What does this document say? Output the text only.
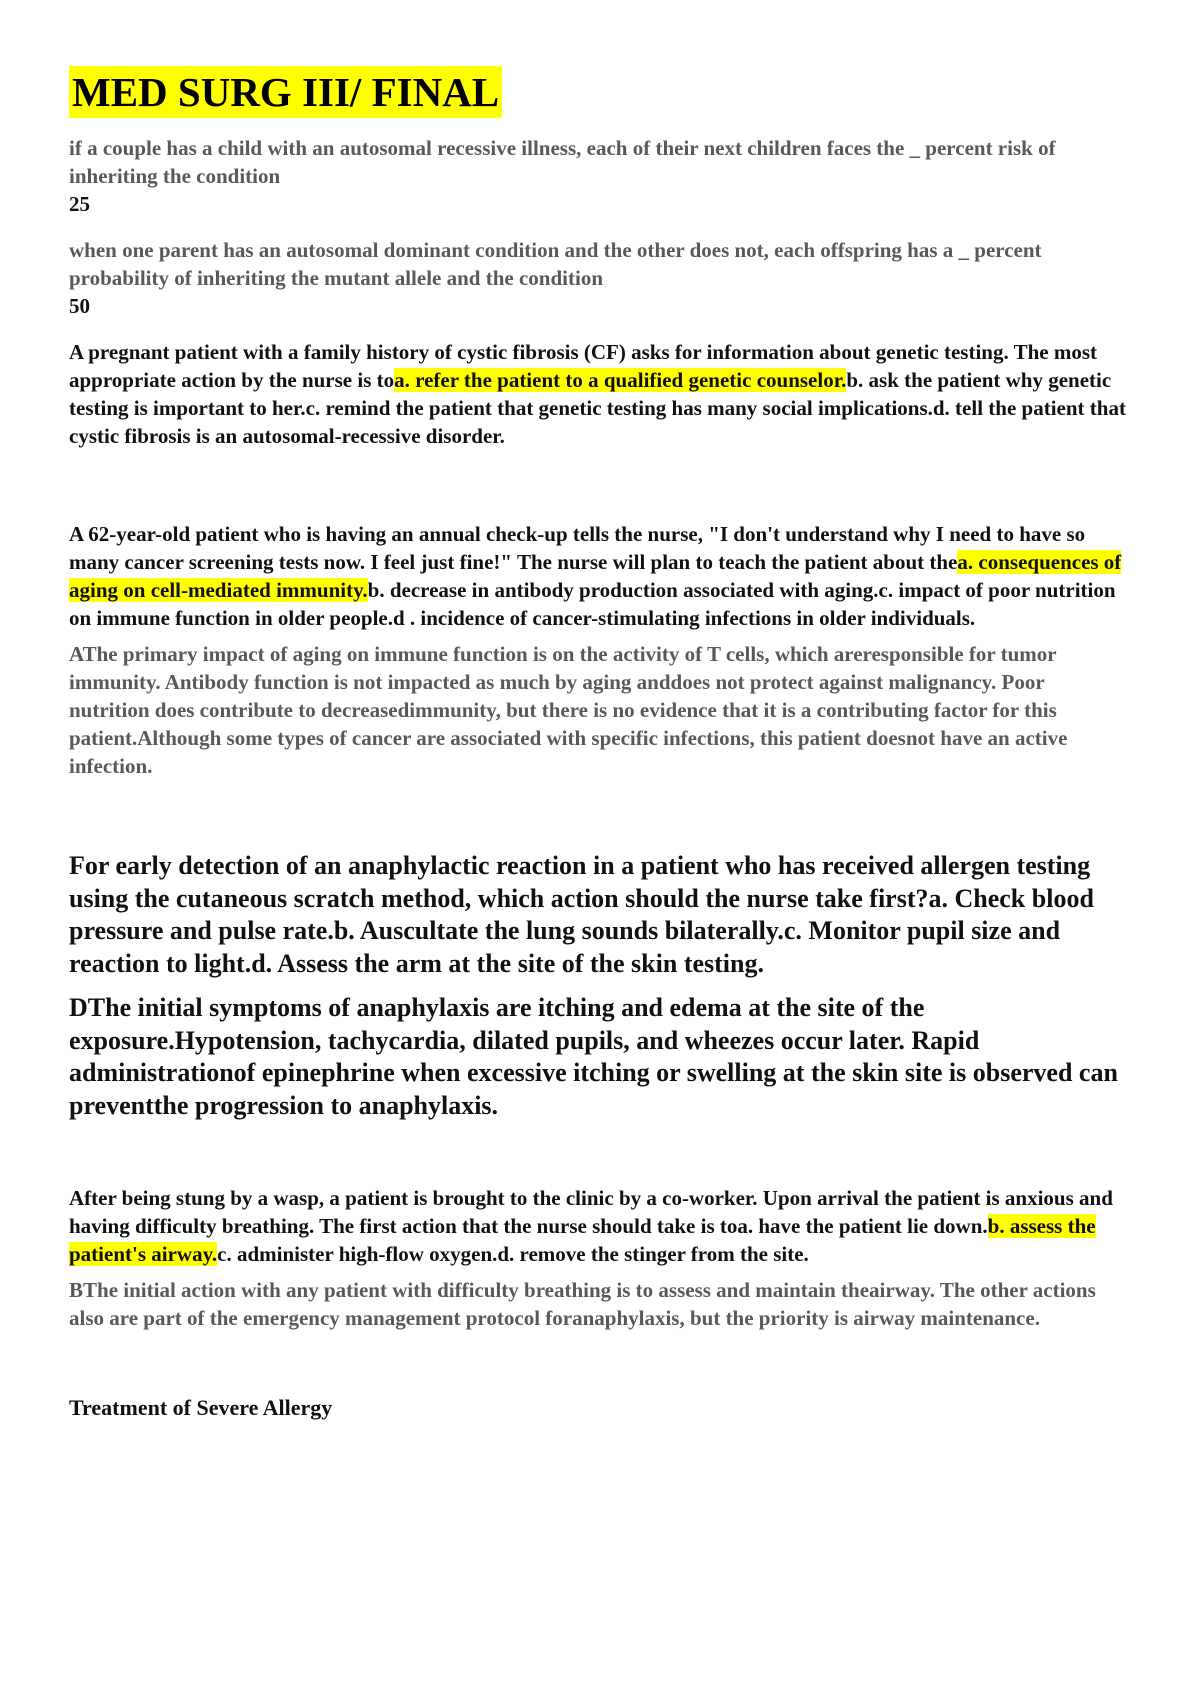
MED SURG III/ FINAL

if a couple has a child with an autosomal recessive illness, each of their next children faces the _ percent risk of inheriting the condition

25

when one parent has an autosomal dominant condition and the other does not, each offspring has a _ percent probability of inheriting the mutant allele and the condition

50

A pregnant patient with a family history of cystic fibrosis (CF) asks for information about genetic testing. The most appropriate action by the nurse is toa. refer the patient to a qualified genetic counselor.b. ask the patient why genetic testing is important to her.c. remind the patient that genetic testing has many social implications.d. tell the patient that cystic fibrosis is an autosomal-recessive disorder.

A 62-year-old patient who is having an annual check-up tells the nurse, "I don't understand why I need to have so many cancer screening tests now. I feel just fine!" The nurse will plan to teach the patient about thea. consequences of aging on cell-mediated immunity.b. decrease in antibody production associated with aging.c. impact of poor nutrition on immune function in older people.d . incidence of cancer-stimulating infections in older individuals.

AThe primary impact of aging on immune function is on the activity of T cells, which areresponsible for tumor immunity. Antibody function is not impacted as much by aging anddoes not protect against malignancy. Poor nutrition does contribute to decreasedimmunity, but there is no evidence that it is a contributing factor for this patient.Although some types of cancer are associated with specific infections, this patient doesnot have an active infection.

For early detection of an anaphylactic reaction in a patient who has received allergen testing using the cutaneous scratch method, which action should the nurse take first?a. Check blood pressure and pulse rate.b. Auscultate the lung sounds bilaterally.c. Monitor pupil size and reaction to light.d. Assess the arm at the site of the skin testing.

DThe initial symptoms of anaphylaxis are itching and edema at the site of the exposure.Hypotension, tachycardia, dilated pupils, and wheezes occur later. Rapid administrationof epinephrine when excessive itching or swelling at the skin site is observed can preventthe progression to anaphylaxis.

After being stung by a wasp, a patient is brought to the clinic by a co-worker. Upon arrival the patient is anxious and having difficulty breathing. The first action that the nurse should take is toa. have the patient lie down.b. assess the patient's airway.c. administer high-flow oxygen.d. remove the stinger from the site.

BThe initial action with any patient with difficulty breathing is to assess and maintain theairway. The other actions also are part of the emergency management protocol foranaphylaxis, but the priority is airway maintenance.

Treatment of Severe Allergy
